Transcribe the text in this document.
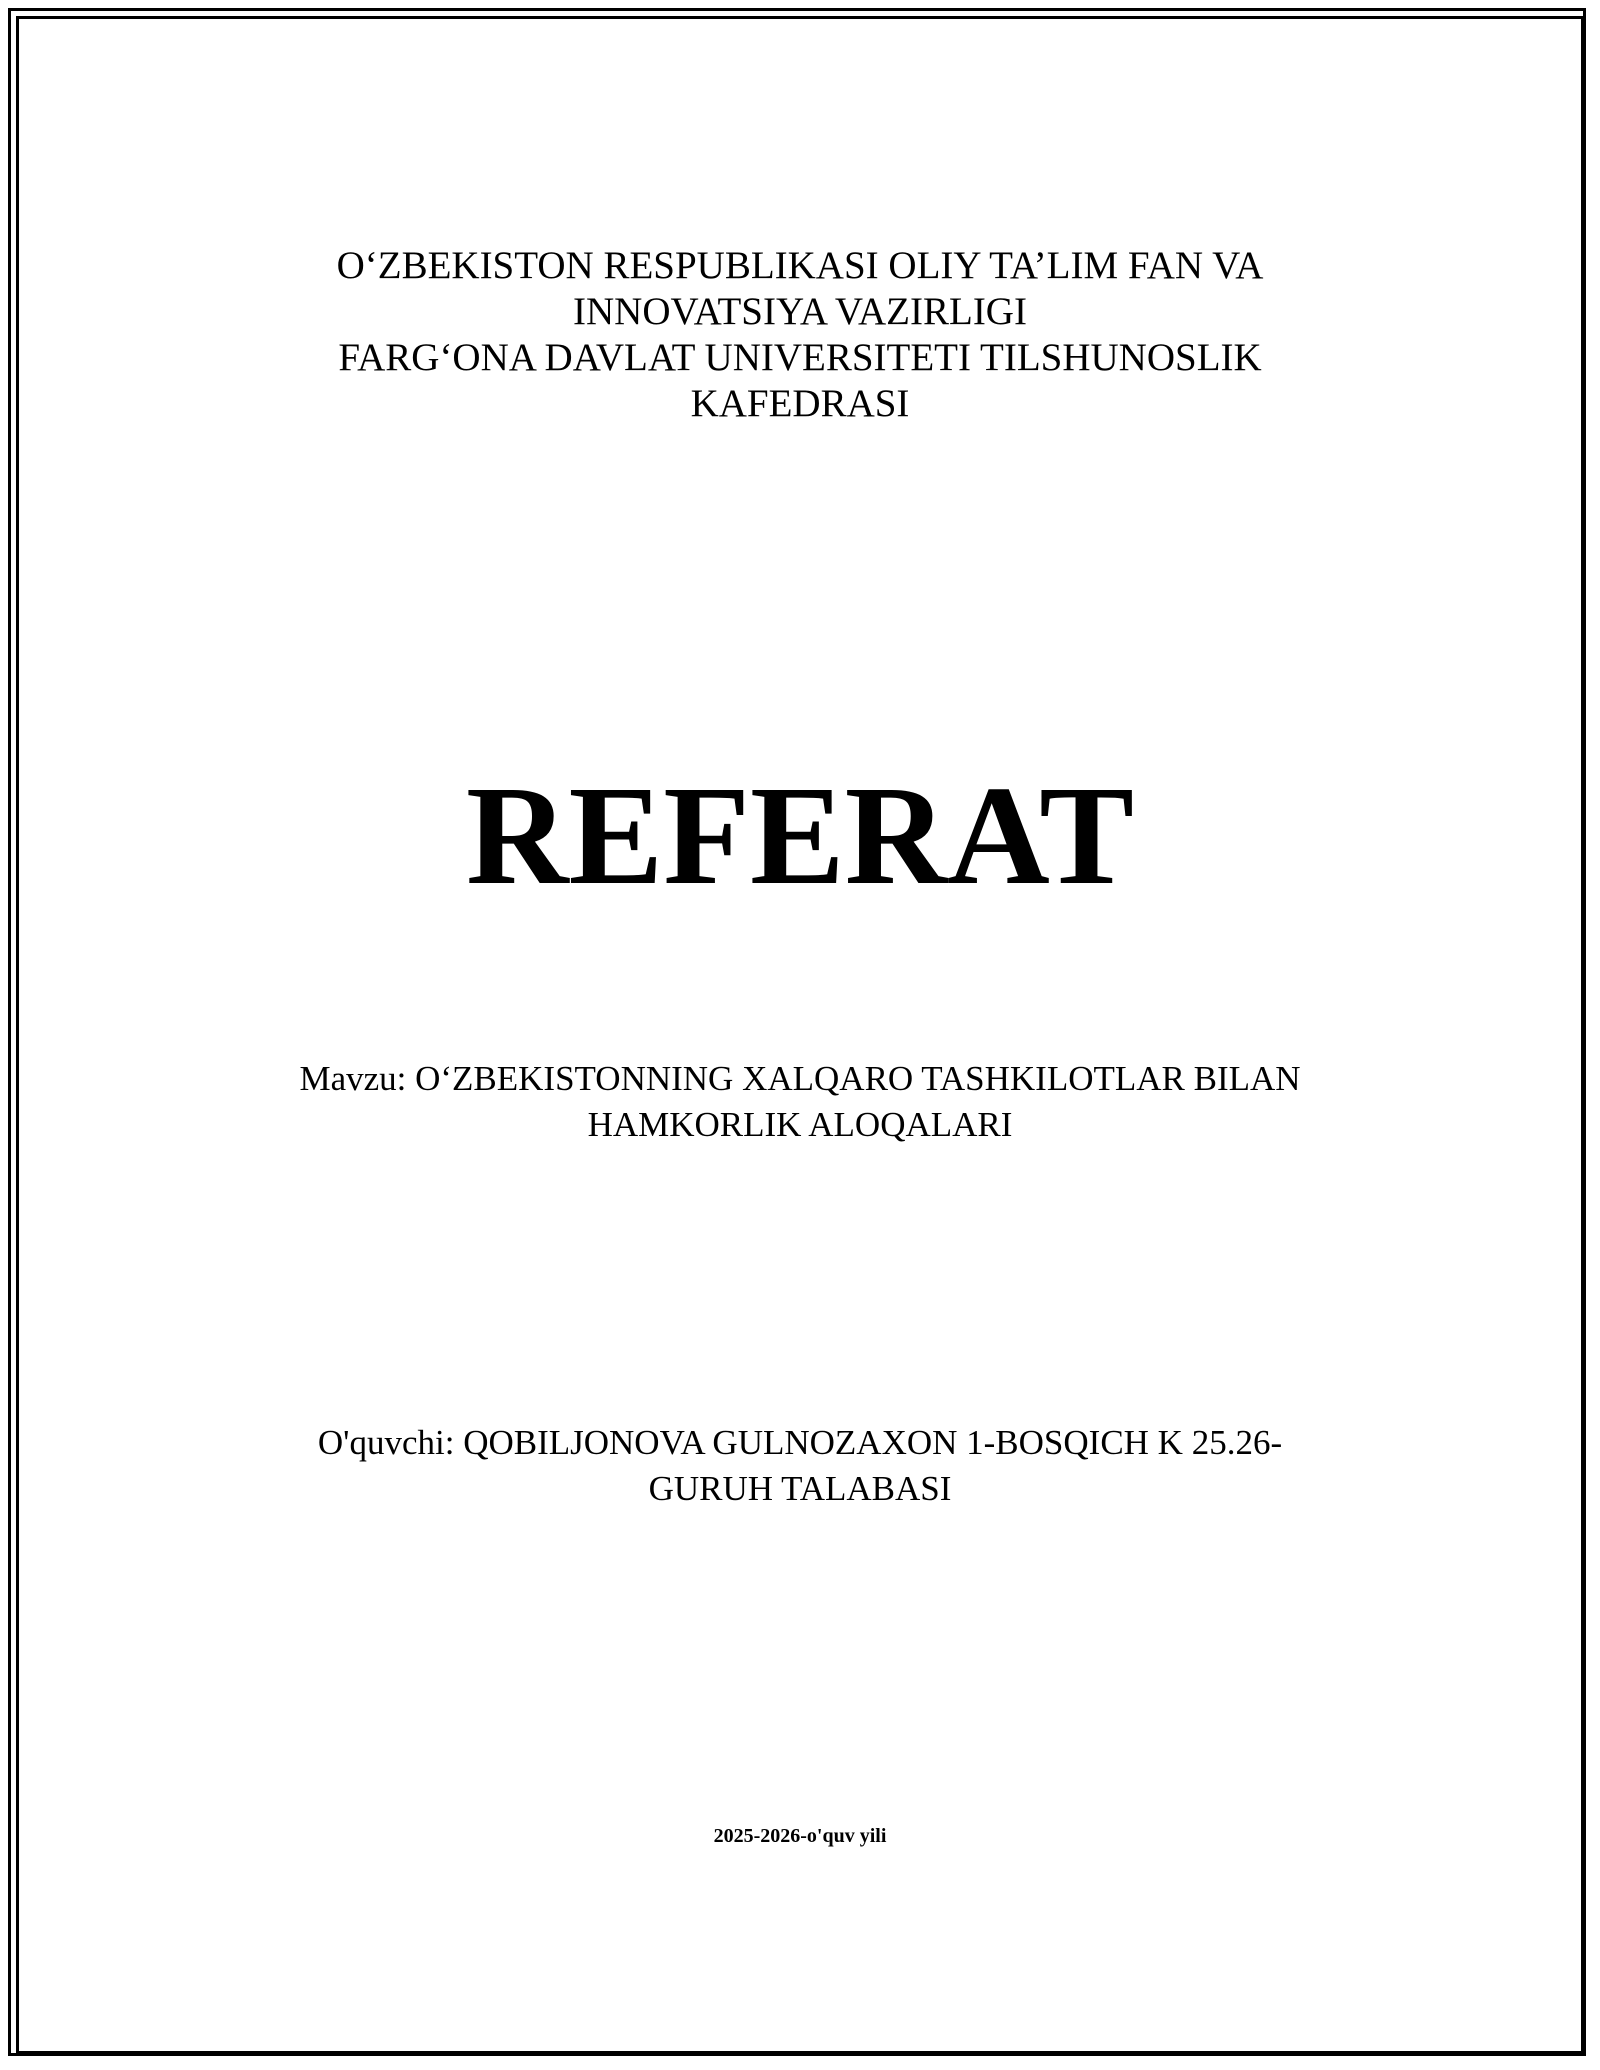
O‘ZBEKISTON RESPUBLIKASI OLIY TA’LIM FAN VA
INNOVATSIYA VAZIRLIGI
FARG‘ONA DAVLAT UNIVERSITETI TILSHUNOSLIK
KAFEDRASI
REFERAT
Mavzu: O‘ZBEKISTONNING XALQARO TASHKILOTLAR BILAN
HAMKORLIK ALOQALARI
O'quvchi: QOBILJONOVA GULNOZAXON 1-BOSQICH K 25.26-
GURUH TALABASI
2025-2026-o'quv yili
